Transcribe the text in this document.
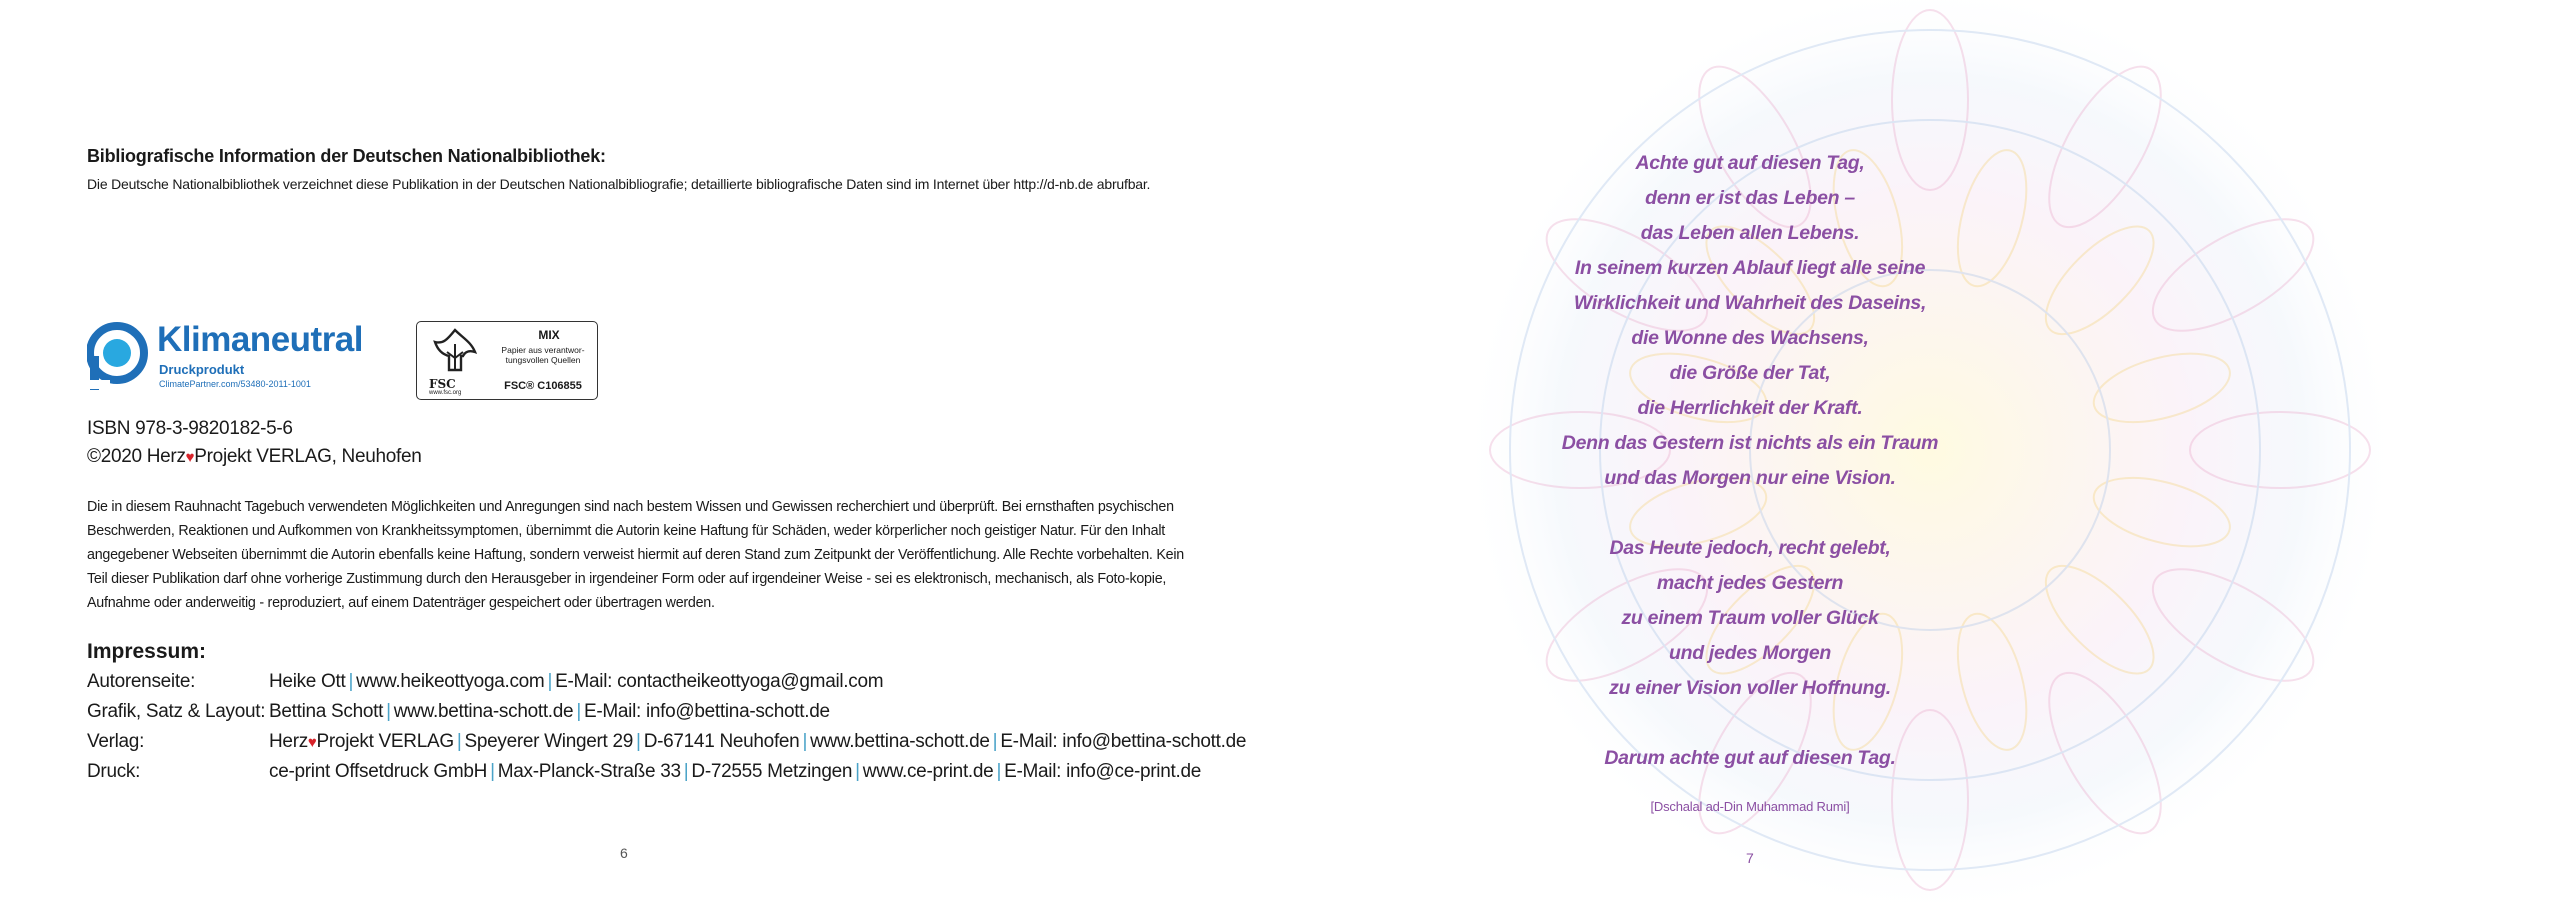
Bibliografische Information der Deutschen Nationalbibliothek:
Die Deutsche Nationalbibliothek verzeichnet diese Publikation in der Deutschen Nationalbibliografie; detaillierte bibliografische Daten sind im Internet über http://d-nb.de abrufbar.
Klimaneutral
Druckprodukt
ClimatePartner.com/53480-2011-1001	FSC
www.fsc.org
MIX
Papier aus verantwor-
tungsvollen Quellen
FSC® C106855
ISBN 978-3-9820182-5-6
©2020 Herz♥Projekt VERLAG, Neuhofen
Die in diesem Rauhnacht Tagebuch verwendeten Möglichkeiten und Anregungen sind nach bestem Wissen und Gewissen recherchiert und überprüft. Bei ernsthaften psychischen Beschwerden, Reaktionen und Aufkommen von Krankheitssymptomen, übernimmt die Autorin keine Haftung für Schäden, weder körperlicher noch geistiger Natur. Für den Inhalt angegebener Webseiten übernimmt die Autorin ebenfalls keine Haftung, sondern verweist hiermit auf deren Stand zum Zeitpunkt der Veröffentlichung. Alle Rechte vorbehalten. Kein Teil dieser Publikation darf ohne vorherige Zustimmung durch den Herausgeber in irgendeiner Form oder auf irgendeiner Weise - sei es elektronisch, mechanisch, als Foto-kopie, Aufnahme oder anderweitig - reproduziert, auf einem Datenträger gespeichert oder übertragen werden.
Impressum:
Autorenseite:	Heike Ott | www.heikeottyoga.com | E-Mail: contactheikeottyoga@gmail.com
Grafik, Satz & Layout: Bettina Schott | www.bettina-schott.de | E-Mail: info@bettina-schott.de
Verlag:	Herz♥Projekt VERLAG | Speyerer Wingert 29 | D-67141 Neuhofen | www.bettina-schott.de | E-Mail: info@bettina-schott.de
Druck:	ce-print Offsetdruck GmbH | Max-Planck-Straße 33 | D-72555 Metzingen | www.ce-print.de | E-Mail: info@ce-print.de
6
Achte gut auf diesen Tag,
denn er ist das Leben –
das Leben allen Lebens.
In seinem kurzen Ablauf liegt alle seine
Wirklichkeit und Wahrheit des Daseins,
die Wonne des Wachsens,
die Größe der Tat,
die Herrlichkeit der Kraft.
Denn das Gestern ist nichts als ein Traum
und das Morgen nur eine Vision.
Das Heute jedoch, recht gelebt,
macht jedes Gestern
zu einem Traum voller Glück
und jedes Morgen
zu einer Vision voller Hoffnung.
Darum achte gut auf diesen Tag.
[Dschalal ad-Din Muhammad Rumi]
7
